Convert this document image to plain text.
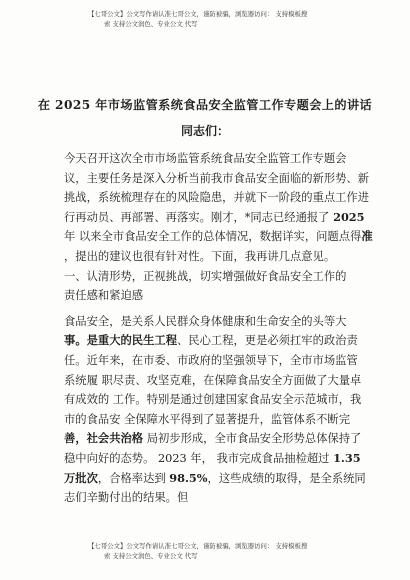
【七哥公文】公文写作请认准七哥公文，谨防被骗，浏览器访问： 支持模板搜
索 支持公文润色、专业公文 代写
在 2025 年市场监管系统食品安全监管工作专题会上的讲话
同志们：
今天召开这次全市市场监管系统食品安全监管工作专题会
议，主要任务是深入分析当前我市食品安全面临的新形势、新
挑战，系统梳理存在的风险隐患，并就下一阶段的重点工作进
行再动员、再部署、再落实。刚才，*同志已经通报了 2025
年 以来全市食品安全工作的总体情况，数据详实，问题点得准
，提出的建议也很有针对性。下面，我再讲几点意见。
一、认清形势，正视挑战，切实增强做好食品安全工作的
责任感和紧迫感
食品安全，是关系人民群众身体健康和生命安全的头等大
事。是重大的民生工程、民心工程，更是必须扛牢的政治责
任。近年来，在市委、市政府的坚强领导下，全市市场监管
系统履 职尽责、攻坚克难，在保障食品安全方面做了大量卓
有成效的 工作。特别是通过创建国家食品安全示范城市，我
市的食品安 全保障水平得到了显著提升，监管体系不断完
善，社会共治格 局初步形成，全市食品安全形势总体保持了
稳中向好的态势。 2023 年， 我市完成食品抽检超过 1.35
万批次，合格率达到 98.5%，这些成绩的取得，是全系统同
志们辛勤付出的结果。但
【七哥公文】公文写作请认准七哥公文，谨防被骗，浏览器访问： 支持模板搜
索 支持公文润色、专业公文 代写
